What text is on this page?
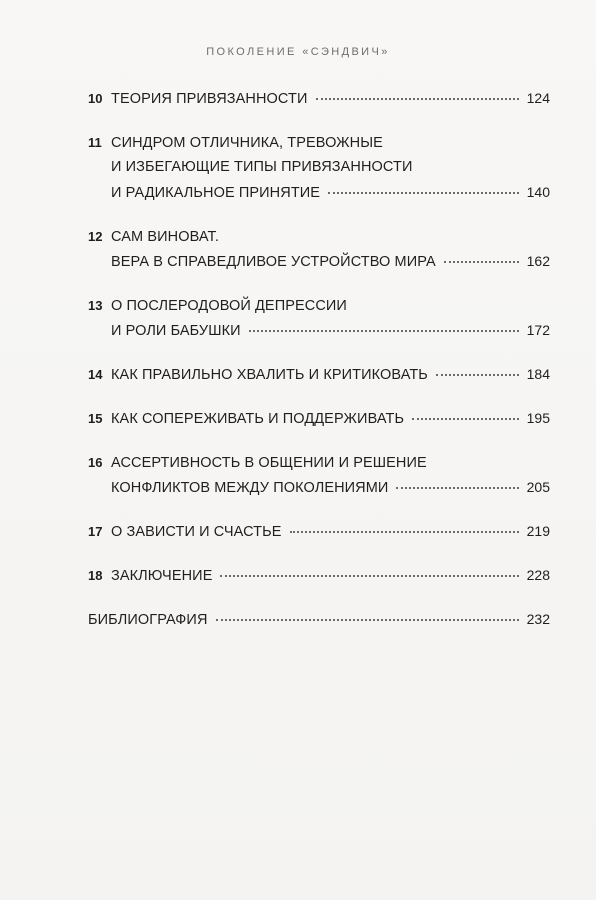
ПОКОЛЕНИЕ «СЭНДВИЧ»
10 ТЕОРИЯ ПРИВЯЗАННОСТИ	124
11 СИНДРОМ ОТЛИЧНИКА, ТРЕВОЖНЫЕ
И ИЗБЕГАЮЩИЕ ТИПЫ ПРИВЯЗАННОСТИ
И РАДИКАЛЬНОЕ ПРИНЯТИЕ	140
12 САМ ВИНОВАТ.
ВЕРА В СПРАВЕДЛИВОЕ УСТРОЙСТВО МИРА	162
13 О ПОСЛЕРОДОВОЙ ДЕПРЕССИИ
И РОЛИ БАБУШКИ	172
14 КАК ПРАВИЛЬНО ХВАЛИТЬ И КРИТИКОВАТЬ	184
15 КАК СОПЕРЕЖИВАТЬ И ПОДДЕРЖИВАТЬ	195
16 АССЕРТИВНОСТЬ В ОБЩЕНИИ И РЕШЕНИЕ
КОНФЛИКТОВ МЕЖДУ ПОКОЛЕНИЯМИ	205
17 О ЗАВИСТИ И СЧАСТЬЕ	219
18 ЗАКЛЮЧЕНИЕ	228
БИБЛИОГРАФИЯ	232
